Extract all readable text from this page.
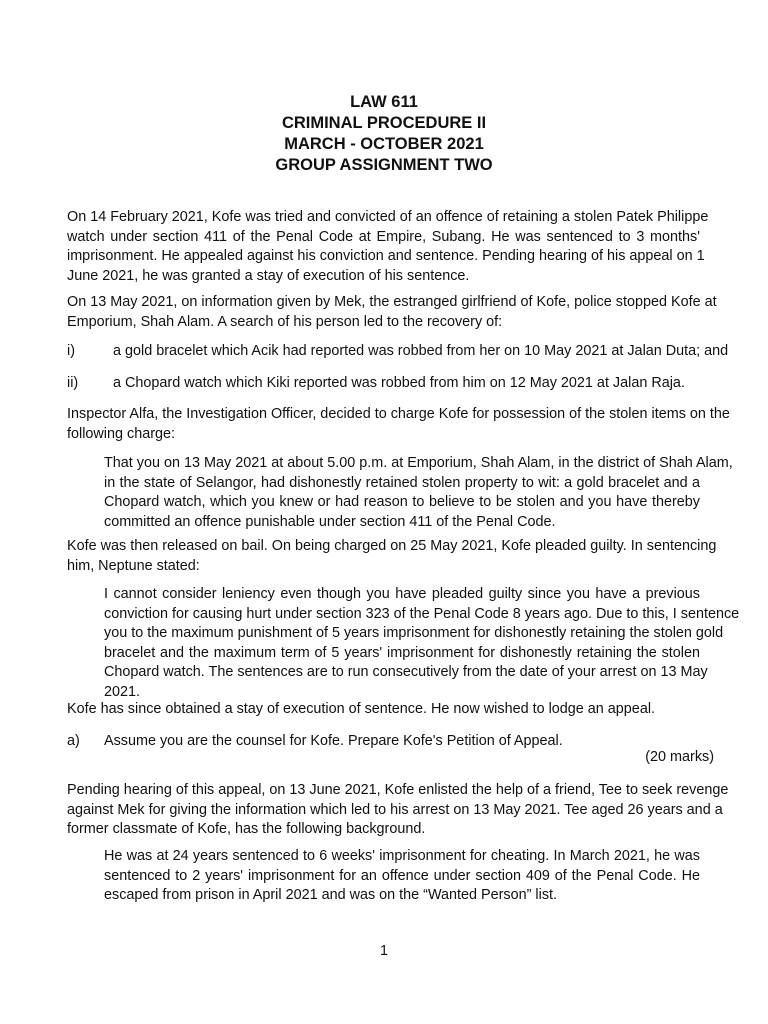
LAW 611
CRIMINAL PROCEDURE II
MARCH - OCTOBER 2021
GROUP ASSIGNMENT TWO
On 14 February 2021, Kofe was tried and convicted of an offence of retaining a stolen Patek Philippe
watch under section 411 of the Penal Code at Empire, Subang. He was sentenced to 3 months'
imprisonment. He appealed against his conviction and sentence. Pending hearing of his appeal on 1
June 2021, he was granted a stay of execution of his sentence.
On 13 May 2021, on information given by Mek, the estranged girlfriend of Kofe, police stopped Kofe at
Emporium, Shah Alam. A search of his person led to the recovery of:
i)	a gold bracelet which Acik had reported was robbed from her on 10 May 2021 at Jalan Duta; and
ii) a Chopard watch which Kiki reported was robbed from him on 12 May 2021 at Jalan Raja.
Inspector Alfa, the Investigation Officer, decided to charge Kofe for possession of the stolen items on the
following charge:
That you on 13 May 2021 at about 5.00 p.m. at Emporium, Shah Alam, in the district of Shah Alam,
in the state of Selangor, had dishonestly retained stolen property to wit: a gold bracelet and a
Chopard watch, which you knew or had reason to believe to be stolen and you have thereby
committed an offence punishable under section 411 of the Penal Code.
Kofe was then released on bail. On being charged on 25 May 2021, Kofe pleaded guilty. In sentencing
him, Neptune stated:
I cannot consider leniency even though you have pleaded guilty since you have a previous
conviction for causing hurt under section 323 of the Penal Code 8 years ago. Due to this, I sentence
you to the maximum punishment of 5 years imprisonment for dishonestly retaining the stolen gold
bracelet and the maximum term of 5 years' imprisonment for dishonestly retaining the stolen
Chopard watch. The sentences are to run consecutively from the date of your arrest on 13 May
2021.
Kofe has since obtained a stay of execution of sentence. He now wished to lodge an appeal.
a) Assume you are the counsel for Kofe. Prepare Kofe's Petition of Appeal.
(20 marks)
Pending hearing of this appeal, on 13 June 2021, Kofe enlisted the help of a friend, Tee to seek revenge
against Mek for giving the information which led to his arrest on 13 May 2021. Tee aged 26 years and a
former classmate of Kofe, has the following background.
He was at 24 years sentenced to 6 weeks' imprisonment for cheating. In March 2021, he was
sentenced to 2 years' imprisonment for an offence under section 409 of the Penal Code. He
escaped from prison in April 2021 and was on the “Wanted Person” list.
1
